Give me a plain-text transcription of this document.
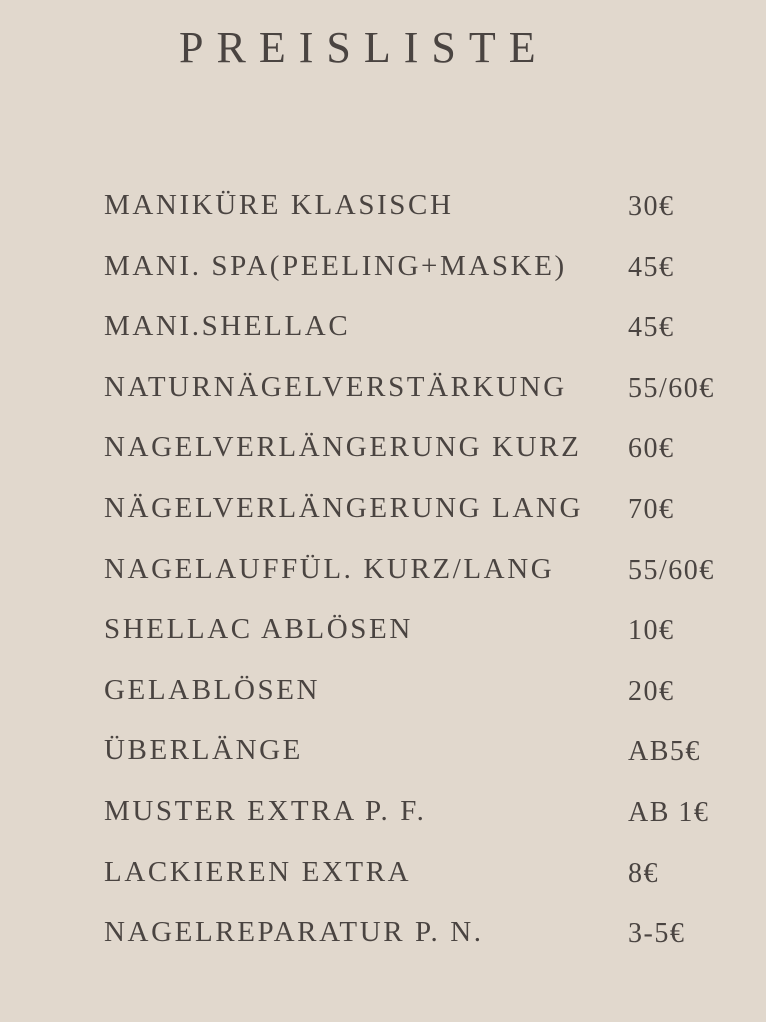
PREISLISTE
MANIKÜRE KLASISCH	30€
MANI. SPA(PEELING+MASKE) 45€
MANI.SHELLAC	45€
NATURNÄGELVERSTÄRKUNG 55/60€
NAGELVERLÄNGERUNG KURZ 60€
NÄGELVERLÄNGERUNG LANG 70€
NAGELAUFFÜL. KURZ/LANG	55/60€
SHELLAC ABLÖSEN	10€
GELABLÖSEN	20€
ÜBERLÄNGE	AB5€
MUSTER EXTRA P. F.	AB 1€
LACKIEREN EXTRA	8€
NAGELREPARATUR P. N.	3-5€
